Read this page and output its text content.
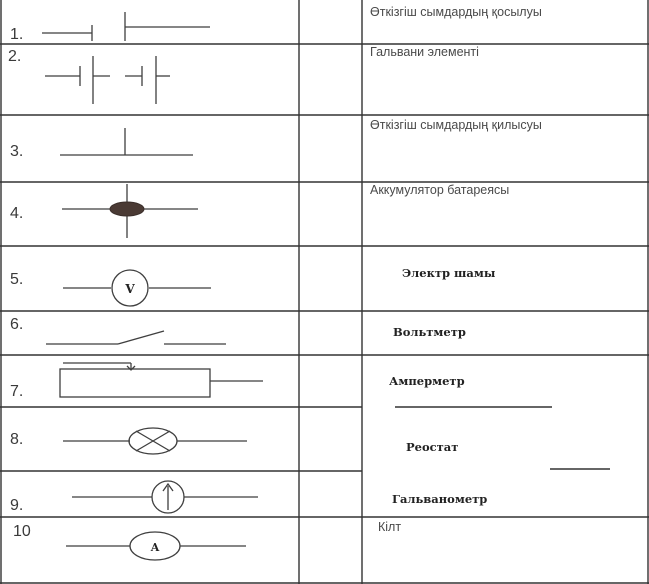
V
A
1.
2.
3.
4.
5.
6.
7.
8.
9.
10
Өткізгіш сымдардың қосылуы
Гальвани элементі
Өткізгіш сымдардың қилысуы
Аккумулятор батареясы
Электр шамы
Вольтметр
Амперметр
Реостат
Гальванометр
Кілт
